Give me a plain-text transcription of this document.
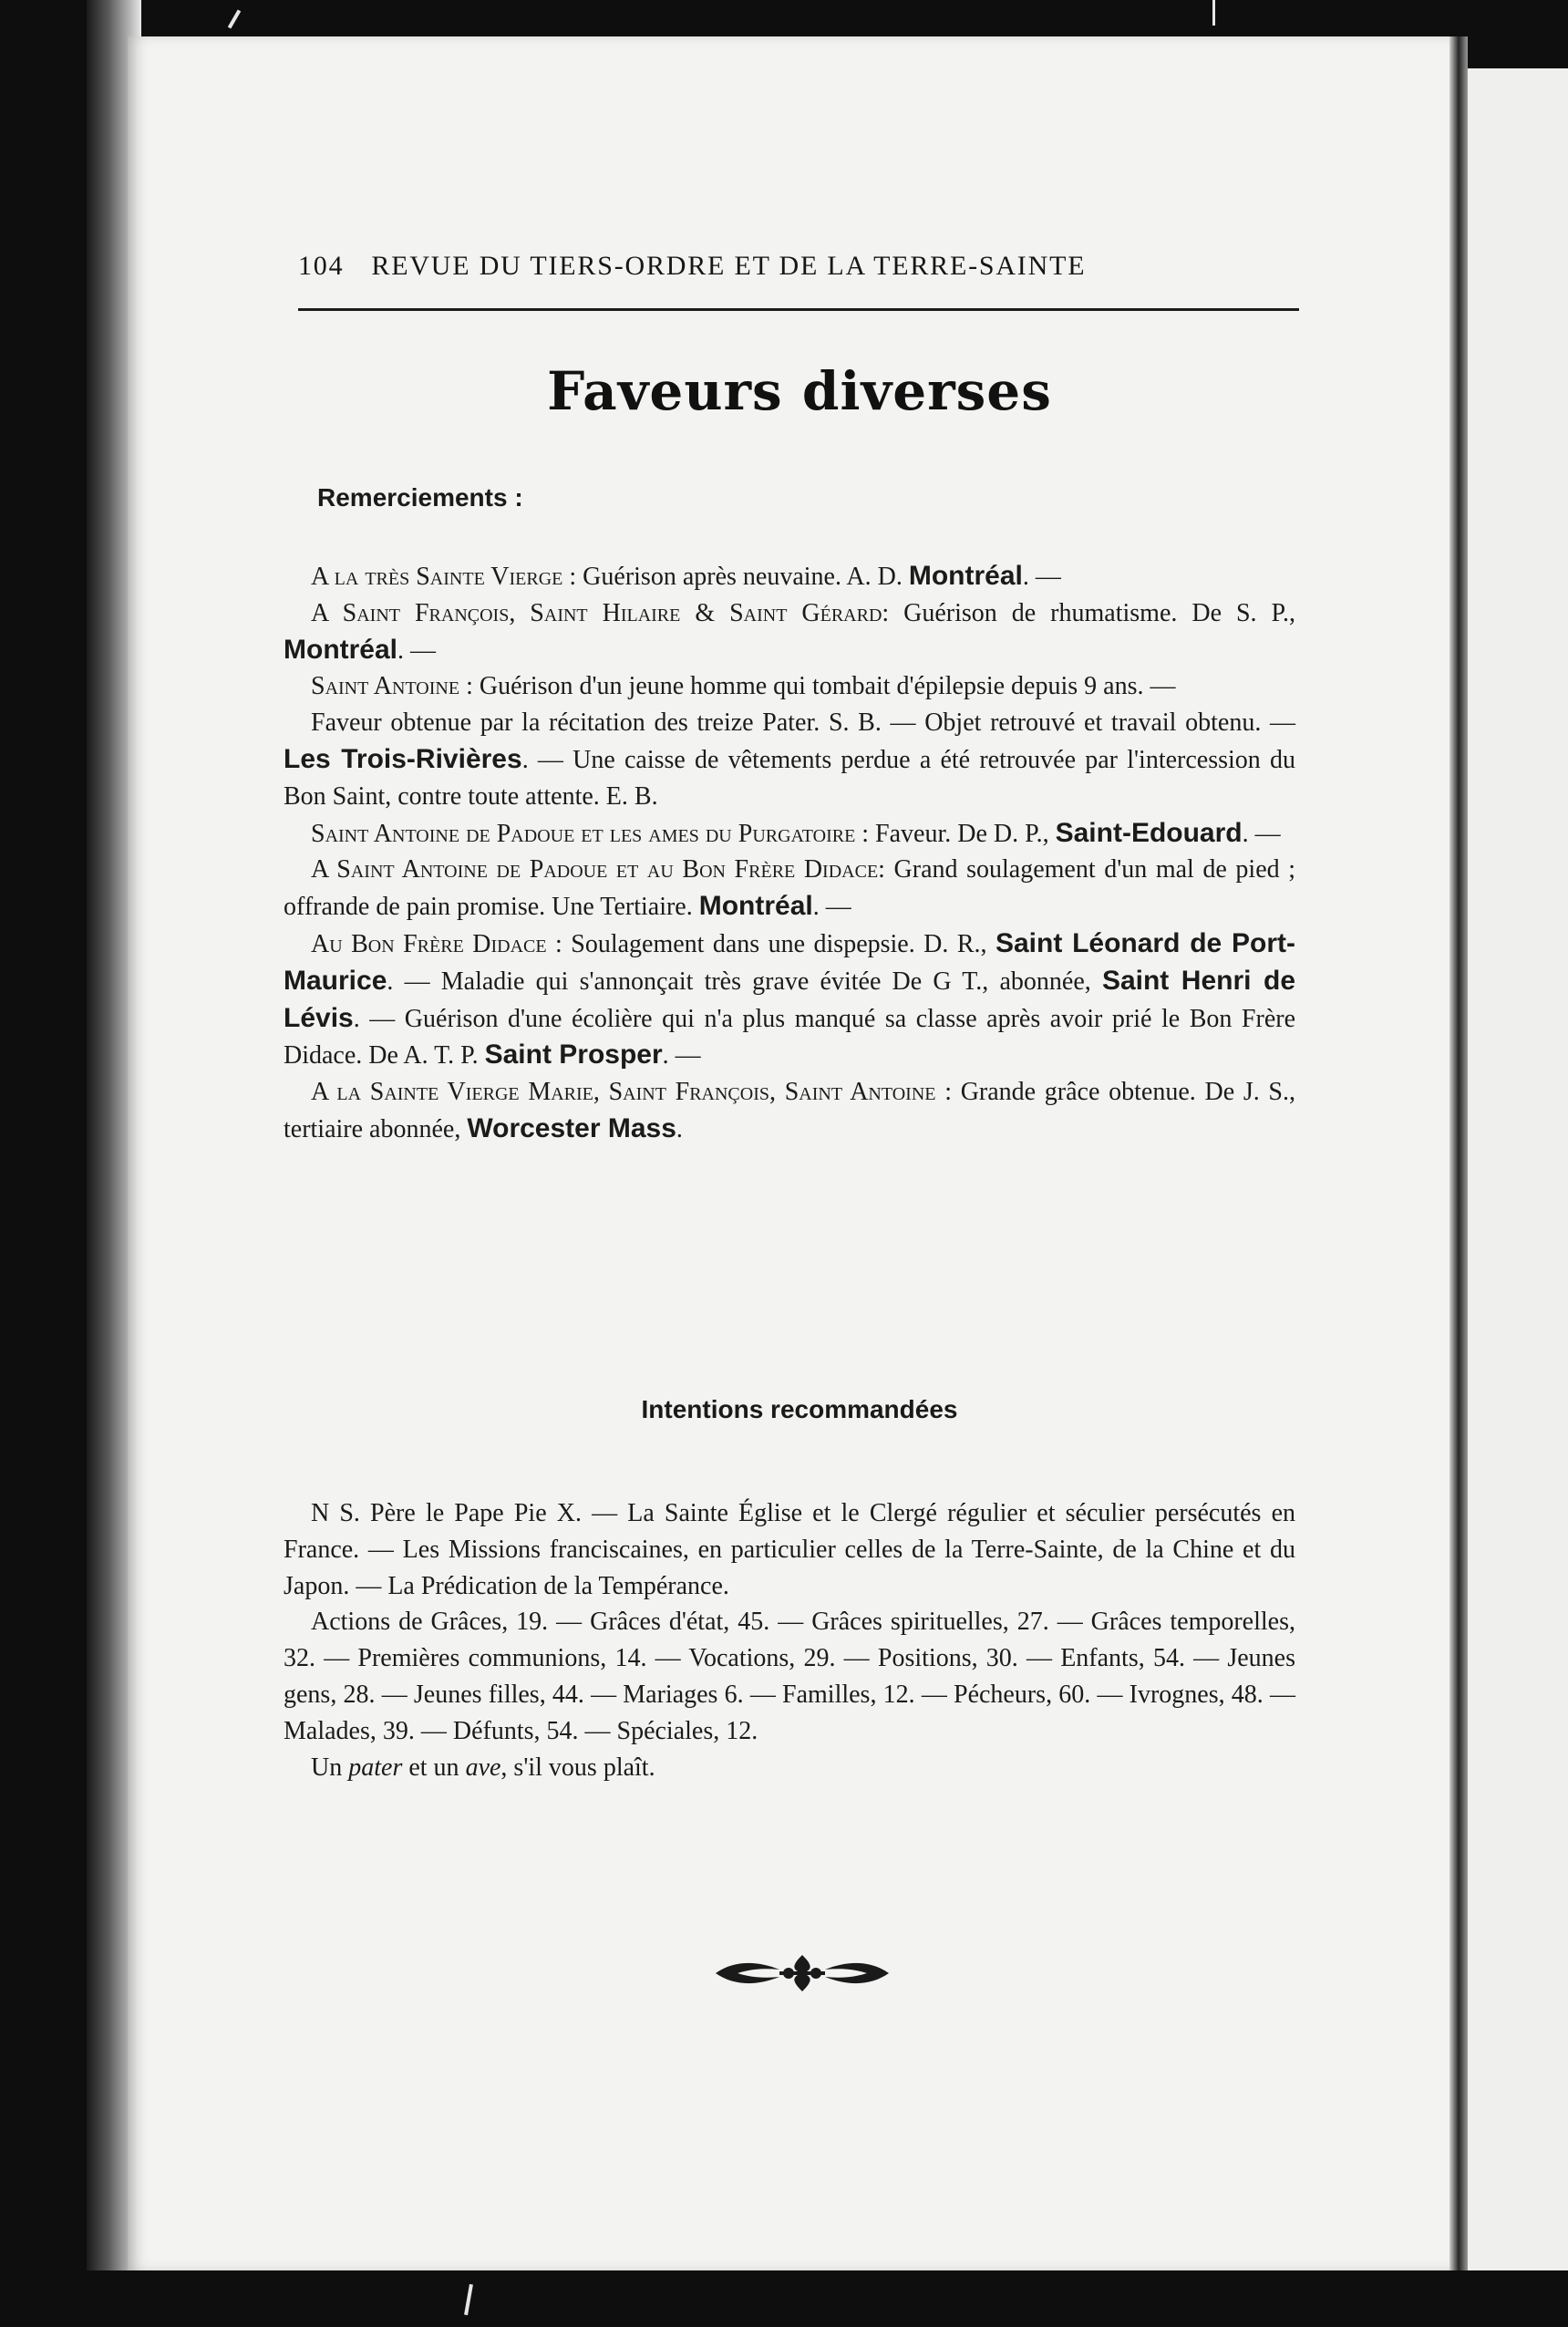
104 REVUE DU TIERS-ORDRE ET DE LA TERRE-SAINTE
Faveurs diverses
Remerciements :

A la très Sainte Vierge : Guérison après neuvaine. A. D. Montréal. —

A Saint François, Saint Hilaire & Saint Gérard: Guérison de rhumatisme. De S. P., Montréal. —

Saint Antoine : Guérison d'un jeune homme qui tombait d'épilepsie depuis 9 ans. —

Faveur obtenue par la récitation des treize Pater. S. B. — Objet retrouvé et travail obtenu. — Les Trois-Rivières. — Une caisse de vêtements perdue a été retrouvée par l'intercession du Bon Saint, contre toute attente. E. B.

Saint Antoine de Padoue et les ames du Purgatoire : Faveur. De D. P., Saint-Edouard. —

A Saint Antoine de Padoue et au Bon Frère Didace: Grand soulagement d'un mal de pied ; offrande de pain promise. Une Tertiaire. Montréal. —

Au Bon Frère Didace : Soulagement dans une dispepsie. D. R., Saint Léonard de Port-Maurice. — Maladie qui s'annonçait très grave évitée De G T., abonnée, Saint Henri de Lévis. — Guérison d'une écolière qui n'a plus manqué sa classe après avoir prié le Bon Frère Didace. De A. T. P. Saint Prosper. —

A la Sainte Vierge Marie, Saint François, Saint Antoine : Grande grâce obtenue. De J. S., tertiaire abonnée, Worcester Mass.

Intentions recommandées

N S. Père le Pape Pie X. — La Sainte Église et le Clergé régulier et séculier persécutés en France. — Les Missions franciscaines, en particulier celles de la Terre-Sainte, de la Chine et du Japon. — La Prédication de la Tempérance.

Actions de Grâces, 19. — Grâces d'état, 45. — Grâces spirituelles, 27. — Grâces temporelles, 32. — Premières communions, 14. — Vocations, 29. — Positions, 30. — Enfants, 54. — Jeunes gens, 28. — Jeunes filles, 44. — Mariages 6. — Familles, 12. — Pécheurs, 60. — Ivrognes, 48. — Malades, 39. — Défunts, 54. — Spéciales, 12.

Un pater et un ave, s'il vous plaît.
